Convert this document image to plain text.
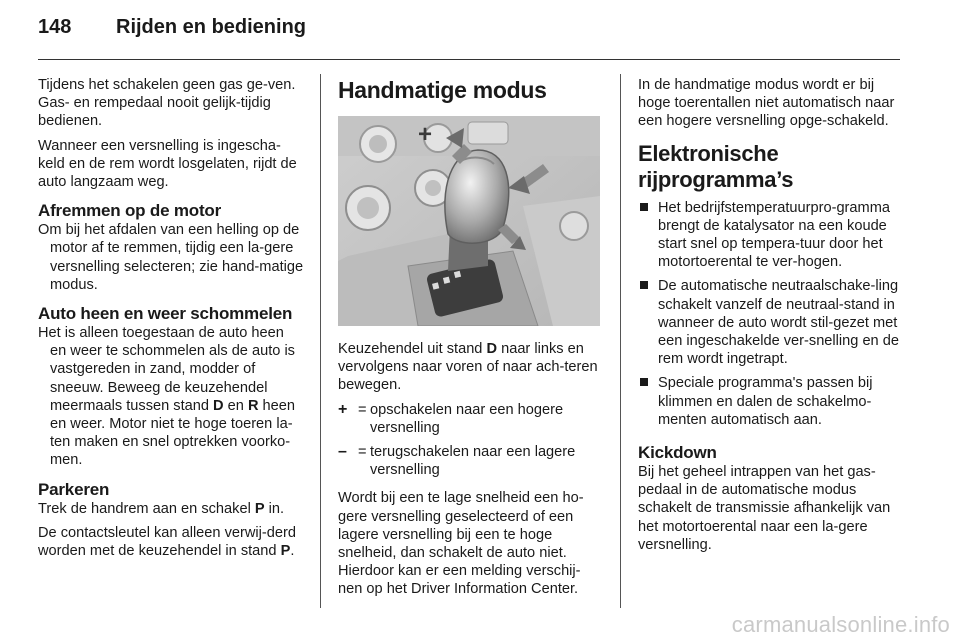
148 Rijden en bediening

Tijdens het schakelen geen gas ge-ven. Gas- en rempedaal nooit gelijk-tijdig bedienen.

Wanneer een versnelling is ingescha-keld en de rem wordt losgelaten, rijdt de auto langzaam weg.

Afremmen op de motor

Om bij het afdalen van een helling op de motor af te remmen, tijdig een la-gere versnelling selecteren; zie hand-matige modus.

Auto heen en weer schommelen

Het is alleen toegestaan de auto heen en weer te schommelen als de auto is vastgereden in zand, modder of sneeuw. Beweeg de keuzehendel meermaals tussen stand D en R heen en weer. Motor niet te hoge toeren la-ten maken en snel optrekken voorko-men.

Parkeren

Trek de handrem aan en schakel P in.

De contactsleutel kan alleen verwij-derd worden met de keuzehendel in stand P.

Handmatige modus
+

Keuzehendel uit stand D naar links en vervolgens naar voren of naar ach-teren bewegen.

+ = opschakelen naar een hogere versnelling
– = terugschakelen naar een lagere versnelling

Wordt bij een te lage snelheid een ho-gere versnelling geselecteerd of een lagere versnelling bij een te hoge snelheid, dan schakelt de auto niet. Hierdoor kan er een melding verschij-nen op het Driver Information Center.

In de handmatige modus wordt er bij hoge toerentallen niet automatisch naar een hogere versnelling opge-schakeld.

Elektronische
rijprogramma’s
Het bedrijfstemperatuurpro-gramma brengt de katalysator na een koude start snel op tempera-tuur door het motortoerental te ver-hogen.
De automatische neutraalschake-ling schakelt vanzelf de neutraal-stand in wanneer de auto wordt stil-gezet met een ingeschakelde ver-snelling en de rem wordt ingetrapt.
Speciale programma's passen bij klimmen en dalen de schakelmo-menten automatisch aan.
Kickdown

Bij het geheel intrappen van het gas-pedaal in de automatische modus schakelt de transmissie afhankelijk van het motortoerental naar een la-gere versnelling.

carmanualsonline.info
